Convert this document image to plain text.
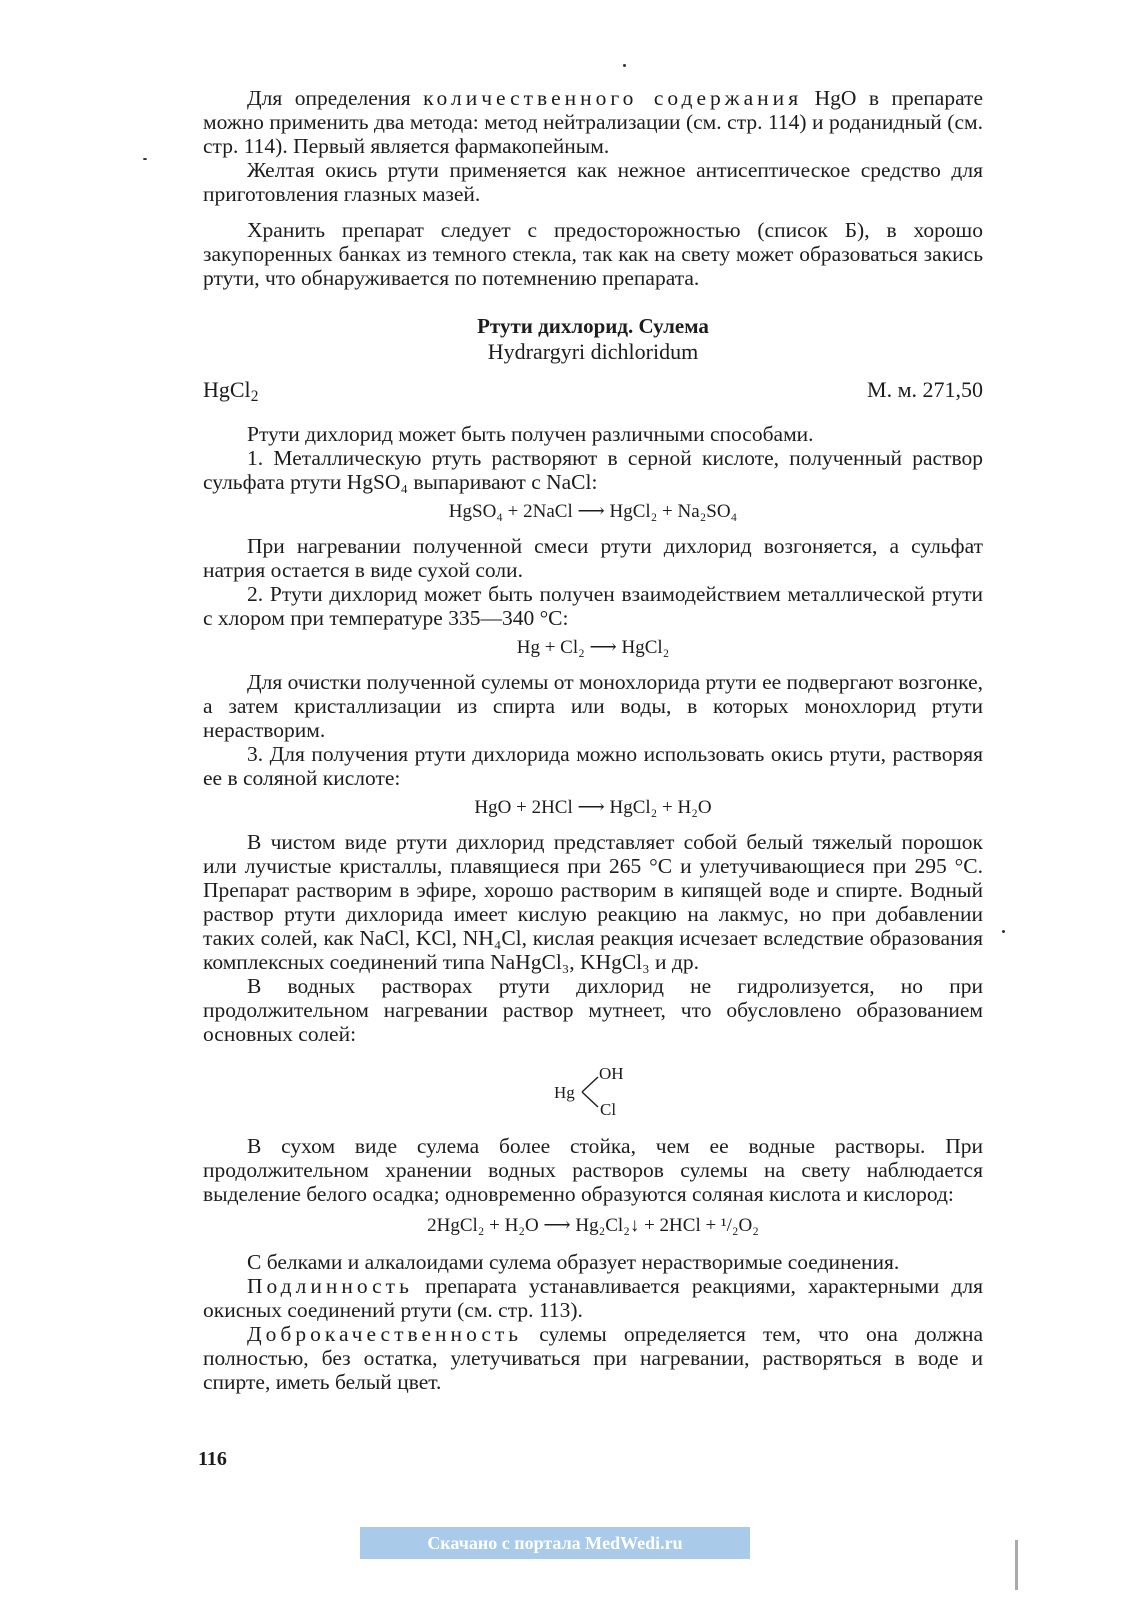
Для определения количественного содержания HgO в препарате можно применить два метода: метод нейтрализации (см. стр. 114) и роданидный (см. стр. 114). Первый является фармакопейным.

Желтая окись ртути применяется как нежное антисептическое средство для приготовления глазных мазей.

Хранить препарат следует с предосторожностью (список Б), в хорошо закупоренных банках из темного стекла, так как на свету может образоваться закись ртути, что обнаруживается по потемнению препарата.

Ртути дихлорид. Сулема
Hydrargyri dichloridum
HgCl$_2$	М. м. 271,50

Ртути дихлорид может быть получен различными способами.

1. Металлическую ртуть растворяют в серной кислоте, полученный раствор сульфата ртути HgSO₄ выпаривают с NaCl:

HgSO₄ + 2NaCl ⟶ HgCl₂ + Na₂SO₄

При нагревании полученной смеси ртути дихлорид возгоняется, а сульфат натрия остается в виде сухой соли.

2. Ртути дихлорид может быть получен взаимодействием металлической ртути с хлором при температуре 335—340 °С:

Hg + Cl₂ ⟶ HgCl₂

Для очистки полученной сулемы от монохлорида ртути ее подвергают возгонке, а затем кристаллизации из спирта или воды, в которых монохлорид ртути нерастворим.

3. Для получения ртути дихлорида можно использовать окись ртути, растворяя ее в соляной кислоте:

HgO + 2HCl ⟶ HgCl₂ + H₂O

В чистом виде ртути дихлорид представляет собой белый тяжелый порошок или лучистые кристаллы, плавящиеся при 265 °С и улетучивающиеся при 295 °С. Препарат растворим в эфире, хорошо растворим в кипящей воде и спирте. Водный раствор ртути дихлорида имеет кислую реакцию на лакмус, но при добавлении таких солей, как NaCl, KCl, NH₄Cl, кислая реакция исчезает вследствие образования комплексных соединений типа NaHgCl₃, KHgCl₃ и др.

В водных растворах ртути дихлорид не гидролизуется, но при продолжительном нагревании раствор мутнеет, что обусловлено образованием основных солей:

Hg
OH
Cl

В сухом виде сулема более стойка, чем ее водные растворы. При продолжительном хранении водных растворов сулемы на свету наблюдается выделение белого осадка; одновременно образуются соляная кислота и кислород:

2HgCl₂ + H₂O ⟶ Hg₂Cl₂↓ + 2HCl + ¹/₂O₂

С белками и алкалоидами сулема образует нерастворимые соединения.

Подлинность препарата устанавливается реакциями, характерными для окисных соединений ртути (см. стр. 113).

Доброкачественность сулемы определяется тем, что она должна полностью, без остатка, улетучиваться при нагревании, растворяться в воде и спирте, иметь белый цвет.

116
Скачано с портала MedWedi.ru
